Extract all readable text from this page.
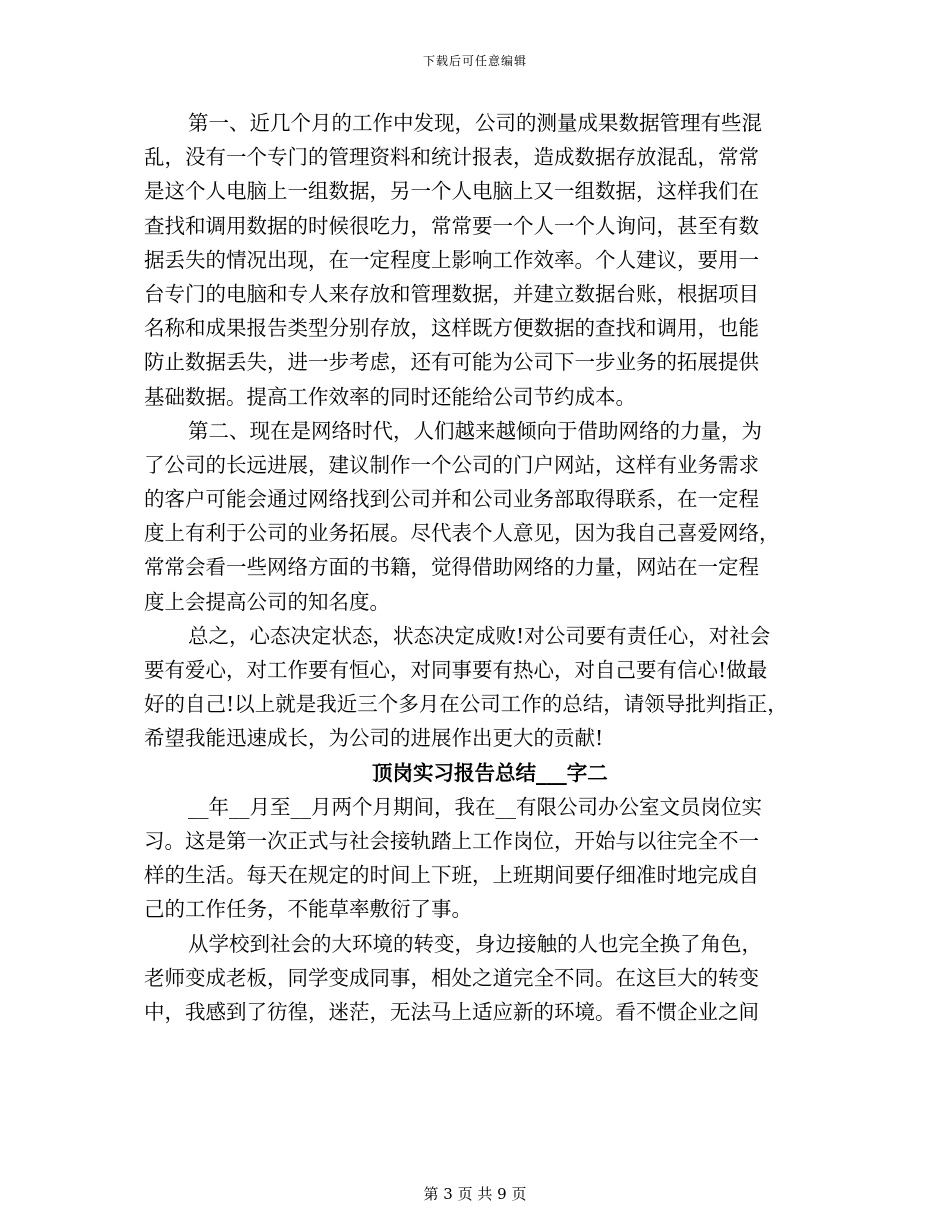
下载后可任意编辑
第一、近几个月的工作中发现，公司的测量成果数据管理有些混
乱，没有一个专门的管理资料和统计报表，造成数据存放混乱，常常
是这个人电脑上一组数据，另一个人电脑上又一组数据，这样我们在
查找和调用数据的时候很吃力，常常要一个人一个人询问，甚至有数
据丢失的情况出现，在一定程度上影响工作效率。个人建议，要用一
台专门的电脑和专人来存放和管理数据，并建立数据台账，根据项目
名称和成果报告类型分别存放，这样既方便数据的查找和调用，也能
防止数据丢失，进一步考虑，还有可能为公司下一步业务的拓展提供
基础数据。提高工作效率的同时还能给公司节约成本。
第二、现在是网络时代，人们越来越倾向于借助网络的力量，为
了公司的长远进展，建议制作一个公司的门户网站，这样有业务需求
的客户可能会通过网络找到公司并和公司业务部取得联系，在一定程
度上有利于公司的业务拓展。尽代表个人意见，因为我自己喜爱网络，
常常会看一些网络方面的书籍，觉得借助网络的力量，网站在一定程
度上会提高公司的知名度。
总之，心态决定状态，状态决定成败!对公司要有责任心，对社会
要有爱心，对工作要有恒心，对同事要有热心，对自己要有信心!做最
好的自己!以上就是我近三个多月在公司工作的总结，请领导批判指正，
希望我能迅速成长，为公司的进展作出更大的贡献!
顶岗实习报告总结___字二
__年__月至__月两个月期间，我在__有限公司办公室文员岗位实
习。这是第一次正式与社会接轨踏上工作岗位，开始与以往完全不一
样的生活。每天在规定的时间上下班，上班期间要仔细准时地完成自
己的工作任务，不能草率敷衍了事。
从学校到社会的大环境的转变，身边接触的人也完全换了角色，
老师变成老板，同学变成同事，相处之道完全不同。在这巨大的转变
中，我感到了彷徨，迷茫，无法马上适应新的环境。看不惯企业之间
第 3 页 共 9 页
